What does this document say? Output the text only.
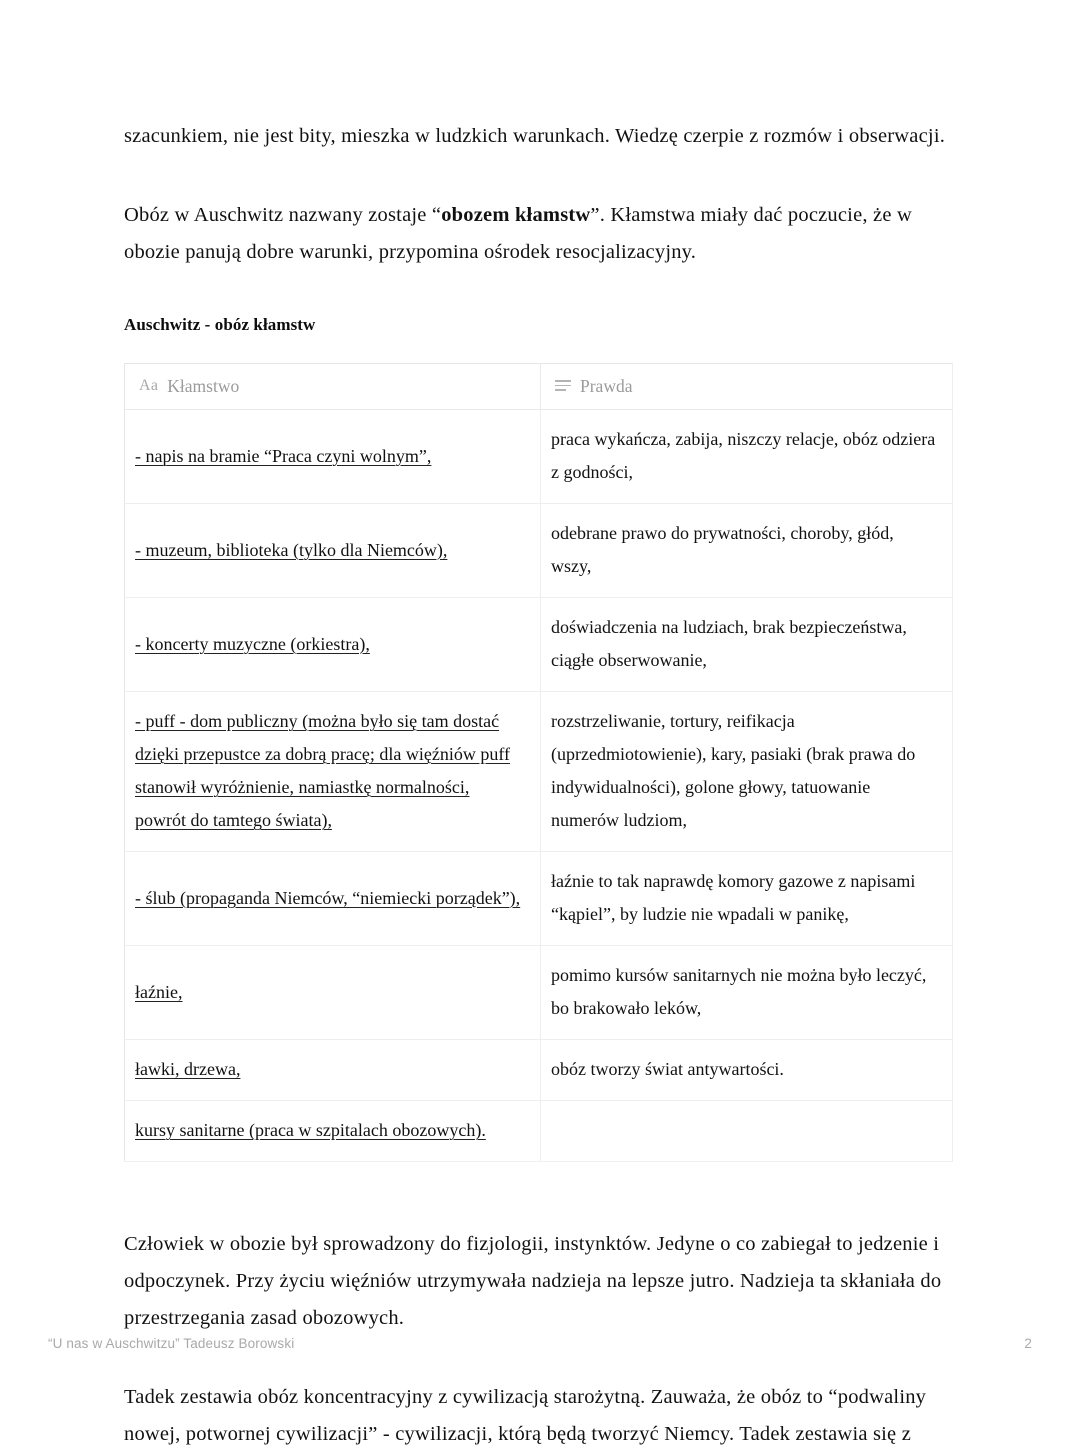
szacunkiem, nie jest bity, mieszka w ludzkich warunkach. Wiedzę czerpie z rozmów i obserwacji.

Obóz w Auschwitz nazwany zostaje “obozem kłamstw”. Kłamstwa miały dać poczucie, że w obozie panują dobre warunki, przypomina ośrodek resocjalizacyjny.

Auschwitz - obóz kłamstw
Aa Kłamstwo	Prawda

- napis na bramie “Praca czyni wolnym”,	praca wykańcza, zabija, niszczy relacje, obóz odziera z godności,
- muzeum, biblioteka (tylko dla Niemców),	odebrane prawo do prywatności, choroby, głód, wszy,
- koncerty muzyczne (orkiestra),	doświadczenia na ludziach, brak bezpieczeństwa, ciągłe obserwowanie,
- puff - dom publiczny (można było się tam dostać dzięki przepustce za dobrą pracę; dla więźniów puff stanowił wyróżnienie, namiastkę normalności, powrót do tamtego świata),	rozstrzeliwanie, tortury, reifikacja (uprzedmiotowienie), kary, pasiaki (brak prawa do indywidualności), golone głowy, tatuowanie numerów ludziom,
- ślub (propaganda Niemców, “niemiecki porządek”),	łaźnie to tak naprawdę komory gazowe z napisami “kąpiel”, by ludzie nie wpadali w panikę,
łaźnie,	pomimo kursów sanitarnych nie można było leczyć, bo brakowało leków,
ławki, drzewa,	obóz tworzy świat antywartości.
kursy sanitarne (praca w szpitalach obozowych).	

Człowiek w obozie był sprowadzony do fizjologii, instynktów. Jedyne o co zabiegał to jedzenie i odpoczynek. Przy życiu więźniów utrzymywała nadzieja na lepsze jutro. Nadzieja ta skłaniała do przestrzegania zasad obozowych.

Tadek zestawia obóz koncentracyjny z cywilizacją starożytną. Zauważa, że obóz to “podwaliny nowej, potwornej cywilizacji” - cywilizacji, którą będą tworzyć Niemcy. Tadek zestawia się z

“U nas w Auschwitzu” Tadeusz Borowski	2
